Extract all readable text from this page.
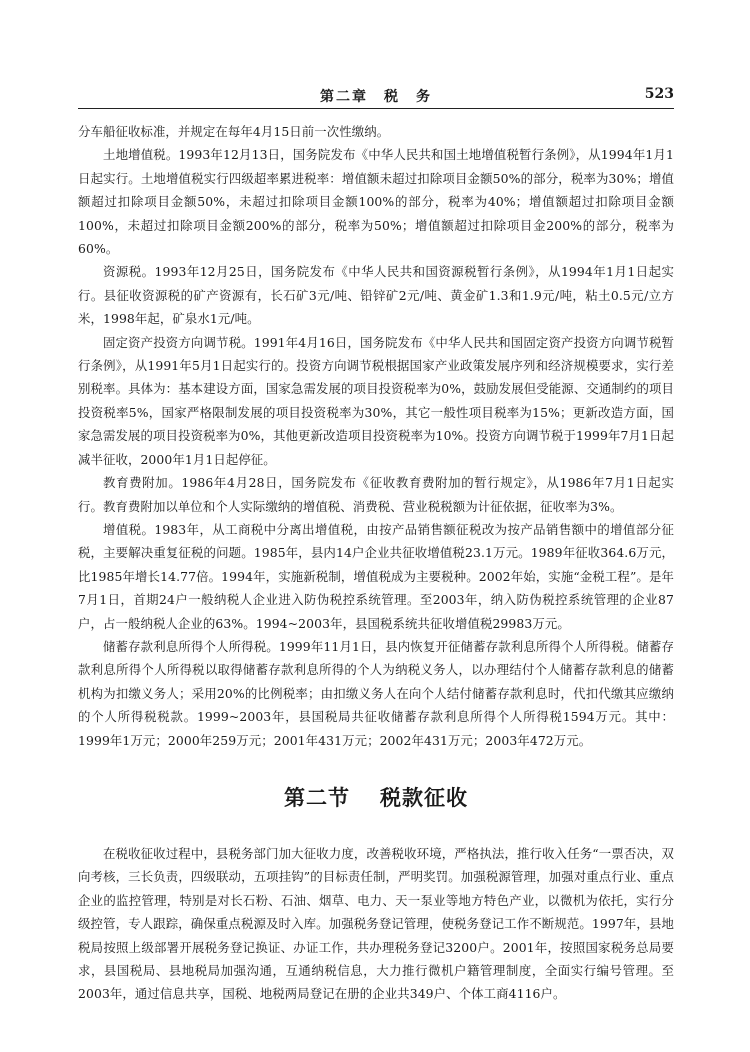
第二章　税　务	523

分车船征收标准，并规定在每年4月15日前一次性缴纳。

土地增值税。1993年12月13日，国务院发布《中华人民共和国土地增值税暂行条例》，从1994年1月1日起实行。土地增值税实行四级超率累进税率：增值额未超过扣除项目金额50%的部分，税率为30%；增值额超过扣除项目金额50%，未超过扣除项目金额100%的部分，税率为40%；增值额超过扣除项目金额100%，未超过扣除项目金额200%的部分，税率为50%；增值额超过扣除项目金200%的部分，税率为60%。

资源税。1993年12月25日，国务院发布《中华人民共和国资源税暂行条例》，从1994年1月1日起实行。县征收资源税的矿产资源有，长石矿3元/吨、铅锌矿2元/吨、黄金矿1.3和1.9元/吨，粘土0.5元/立方米，1998年起，矿泉水1元/吨。

固定资产投资方向调节税。1991年4月16日，国务院发布《中华人民共和国固定资产投资方向调节税暂行条例》，从1991年5月1日起实行的。投资方向调节税根据国家产业政策发展序列和经济规模要求，实行差别税率。具体为：基本建设方面，国家急需发展的项目投资税率为0%，鼓励发展但受能源、交通制约的项目投资税率5%，国家严格限制发展的项目投资税率为30%，其它一般性项目税率为15%；更新改造方面，国家急需发展的项目投资税率为0%，其他更新改造项目投资税率为10%。投资方向调节税于1999年7月1日起减半征收，2000年1月1日起停征。

教育费附加。1986年4月28日，国务院发布《征收教育费附加的暂行规定》，从1986年7月1日起实行。教育费附加以单位和个人实际缴纳的增值税、消费税、营业税税额为计征依据，征收率为3%。

增值税。1983年，从工商税中分离出增值税，由按产品销售额征税改为按产品销售额中的增值部分征税，主要解决重复征税的问题。1985年，县内14户企业共征收增值税23.1万元。1989年征收364.6万元，比1985年增长14.77倍。1994年，实施新税制，增值税成为主要税种。2002年始，实施“金税工程”。是年7月1日，首期24户一般纳税人企业进入防伪税控系统管理。至2003年，纳入防伪税控系统管理的企业87户，占一般纳税人企业的63%。1994~2003年，县国税系统共征收增值税29983万元。

储蓄存款利息所得个人所得税。1999年11月1日，县内恢复开征储蓄存款利息所得个人所得税。储蓄存款利息所得个人所得税以取得储蓄存款利息所得的个人为纳税义务人，以办理结付个人储蓄存款利息的储蓄机构为扣缴义务人；采用20%的比例税率；由扣缴义务人在向个人结付储蓄存款利息时，代扣代缴其应缴纳的个人所得税税款。1999~2003年，县国税局共征收储蓄存款利息所得个人所得税1594万元。其中：1999年1万元；2000年259万元；2001年431万元；2002年431万元；2003年472万元。

第二节 税款征收

在税收征收过程中，县税务部门加大征收力度，改善税收环境，严格执法，推行收入任务“一票否决，双向考核，三长负责，四级联动，五项挂钩”的目标责任制，严明奖罚。加强税源管理，加强对重点行业、重点企业的监控管理，特别是对长石粉、石油、烟草、电力、天一泵业等地方特色产业，以微机为依托，实行分级控管，专人跟踪，确保重点税源及时入库。加强税务登记管理，使税务登记工作不断规范。1997年，县地税局按照上级部署开展税务登记换证、办证工作，共办理税务登记3200户。2001年，按照国家税务总局要求，县国税局、县地税局加强沟通，互通纳税信息，大力推行微机户籍管理制度，全面实行编号管理。至2003年，通过信息共享，国税、地税两局登记在册的企业共349户、个体工商4116户。
